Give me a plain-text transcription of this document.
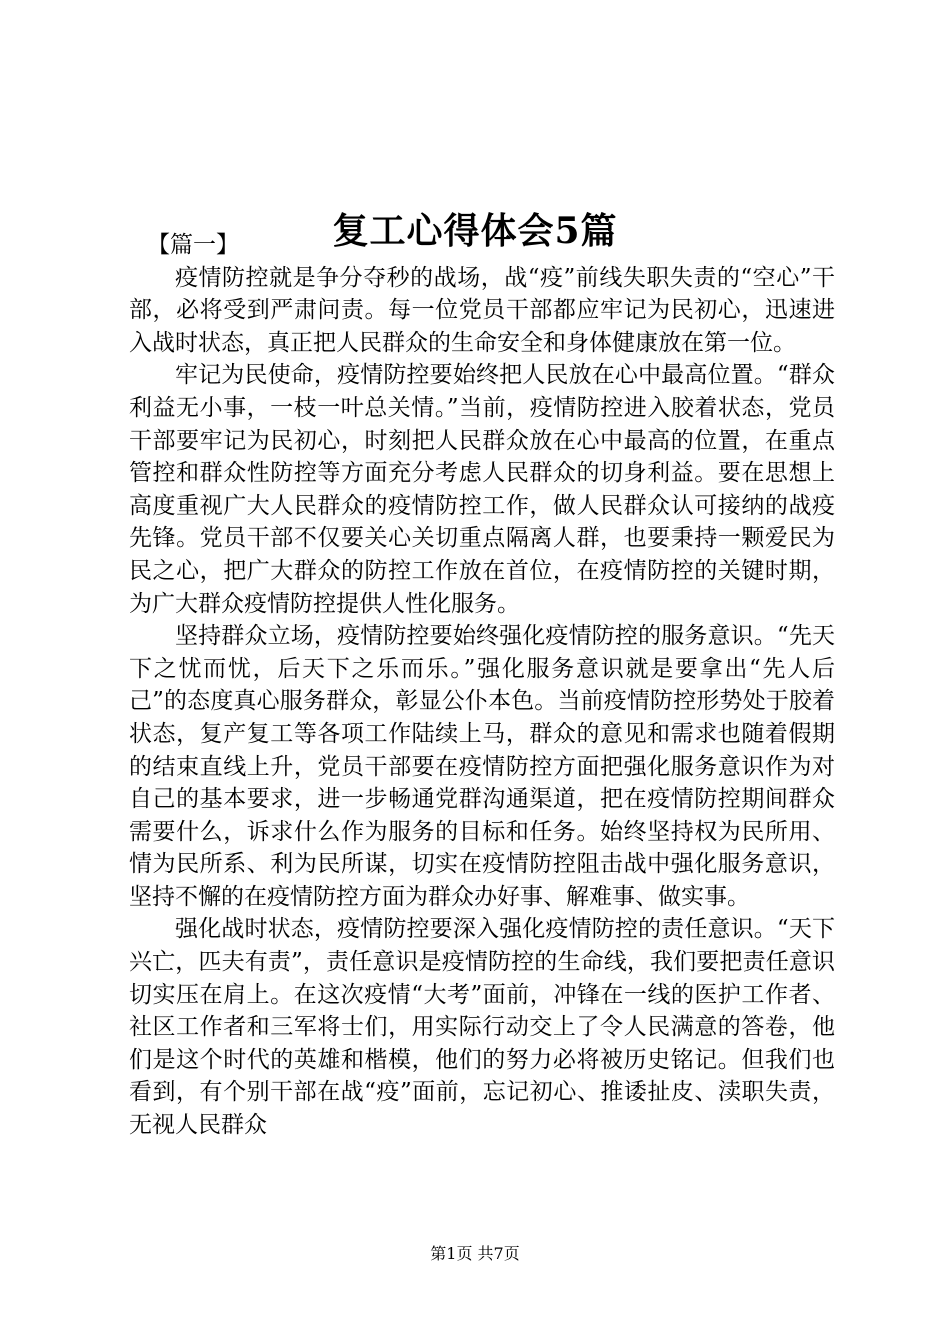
复工心得体会5篇

【篇一】

疫情防控就是争分夺秒的战场，战“疫”前线失职失责的“空心”干部，必将受到严肃问责。每一位党员干部都应牢记为民初心，迅速进入战时状态，真正把人民群众的生命安全和身体健康放在第一位。

牢记为民使命，疫情防控要始终把人民放在心中最高位置。“群众利益无小事，一枝一叶总关情。”当前，疫情防控进入胶着状态，党员干部要牢记为民初心，时刻把人民群众放在心中最高的位置，在重点管控和群众性防控等方面充分考虑人民群众的切身利益。要在思想上高度重视广大人民群众的疫情防控工作，做人民群众认可接纳的战疫先锋。党员干部不仅要关心关切重点隔离人群，也要秉持一颗爱民为民之心，把广大群众的防控工作放在首位，在疫情防控的关键时期，为广大群众疫情防控提供人性化服务。

坚持群众立场，疫情防控要始终强化疫情防控的服务意识。“先天下之忧而忧，后天下之乐而乐。”强化服务意识就是要拿出“先人后己”的态度真心服务群众，彰显公仆本色。当前疫情防控形势处于胶着状态，复产复工等各项工作陆续上马，群众的意见和需求也随着假期的结束直线上升，党员干部要在疫情防控方面把强化服务意识作为对自己的基本要求，进一步畅通党群沟通渠道，把在疫情防控期间群众需要什么，诉求什么作为服务的目标和任务。始终坚持权为民所用、情为民所系、利为民所谋，切实在疫情防控阻击战中强化服务意识，坚持不懈的在疫情防控方面为群众办好事、解难事、做实事。

强化战时状态，疫情防控要深入强化疫情防控的责任意识。“天下兴亡，匹夫有责”，责任意识是疫情防控的生命线，我们要把责任意识切实压在肩上。在这次疫情“大考”面前，冲锋在一线的医护工作者、社区工作者和三军将士们，用实际行动交上了令人民满意的答卷，他们是这个时代的英雄和楷模，他们的努力必将被历史铭记。但我们也看到，有个别干部在战“疫”面前，忘记初心、推诿扯皮、渎职失责，无视人民群众

第1页 共7页
